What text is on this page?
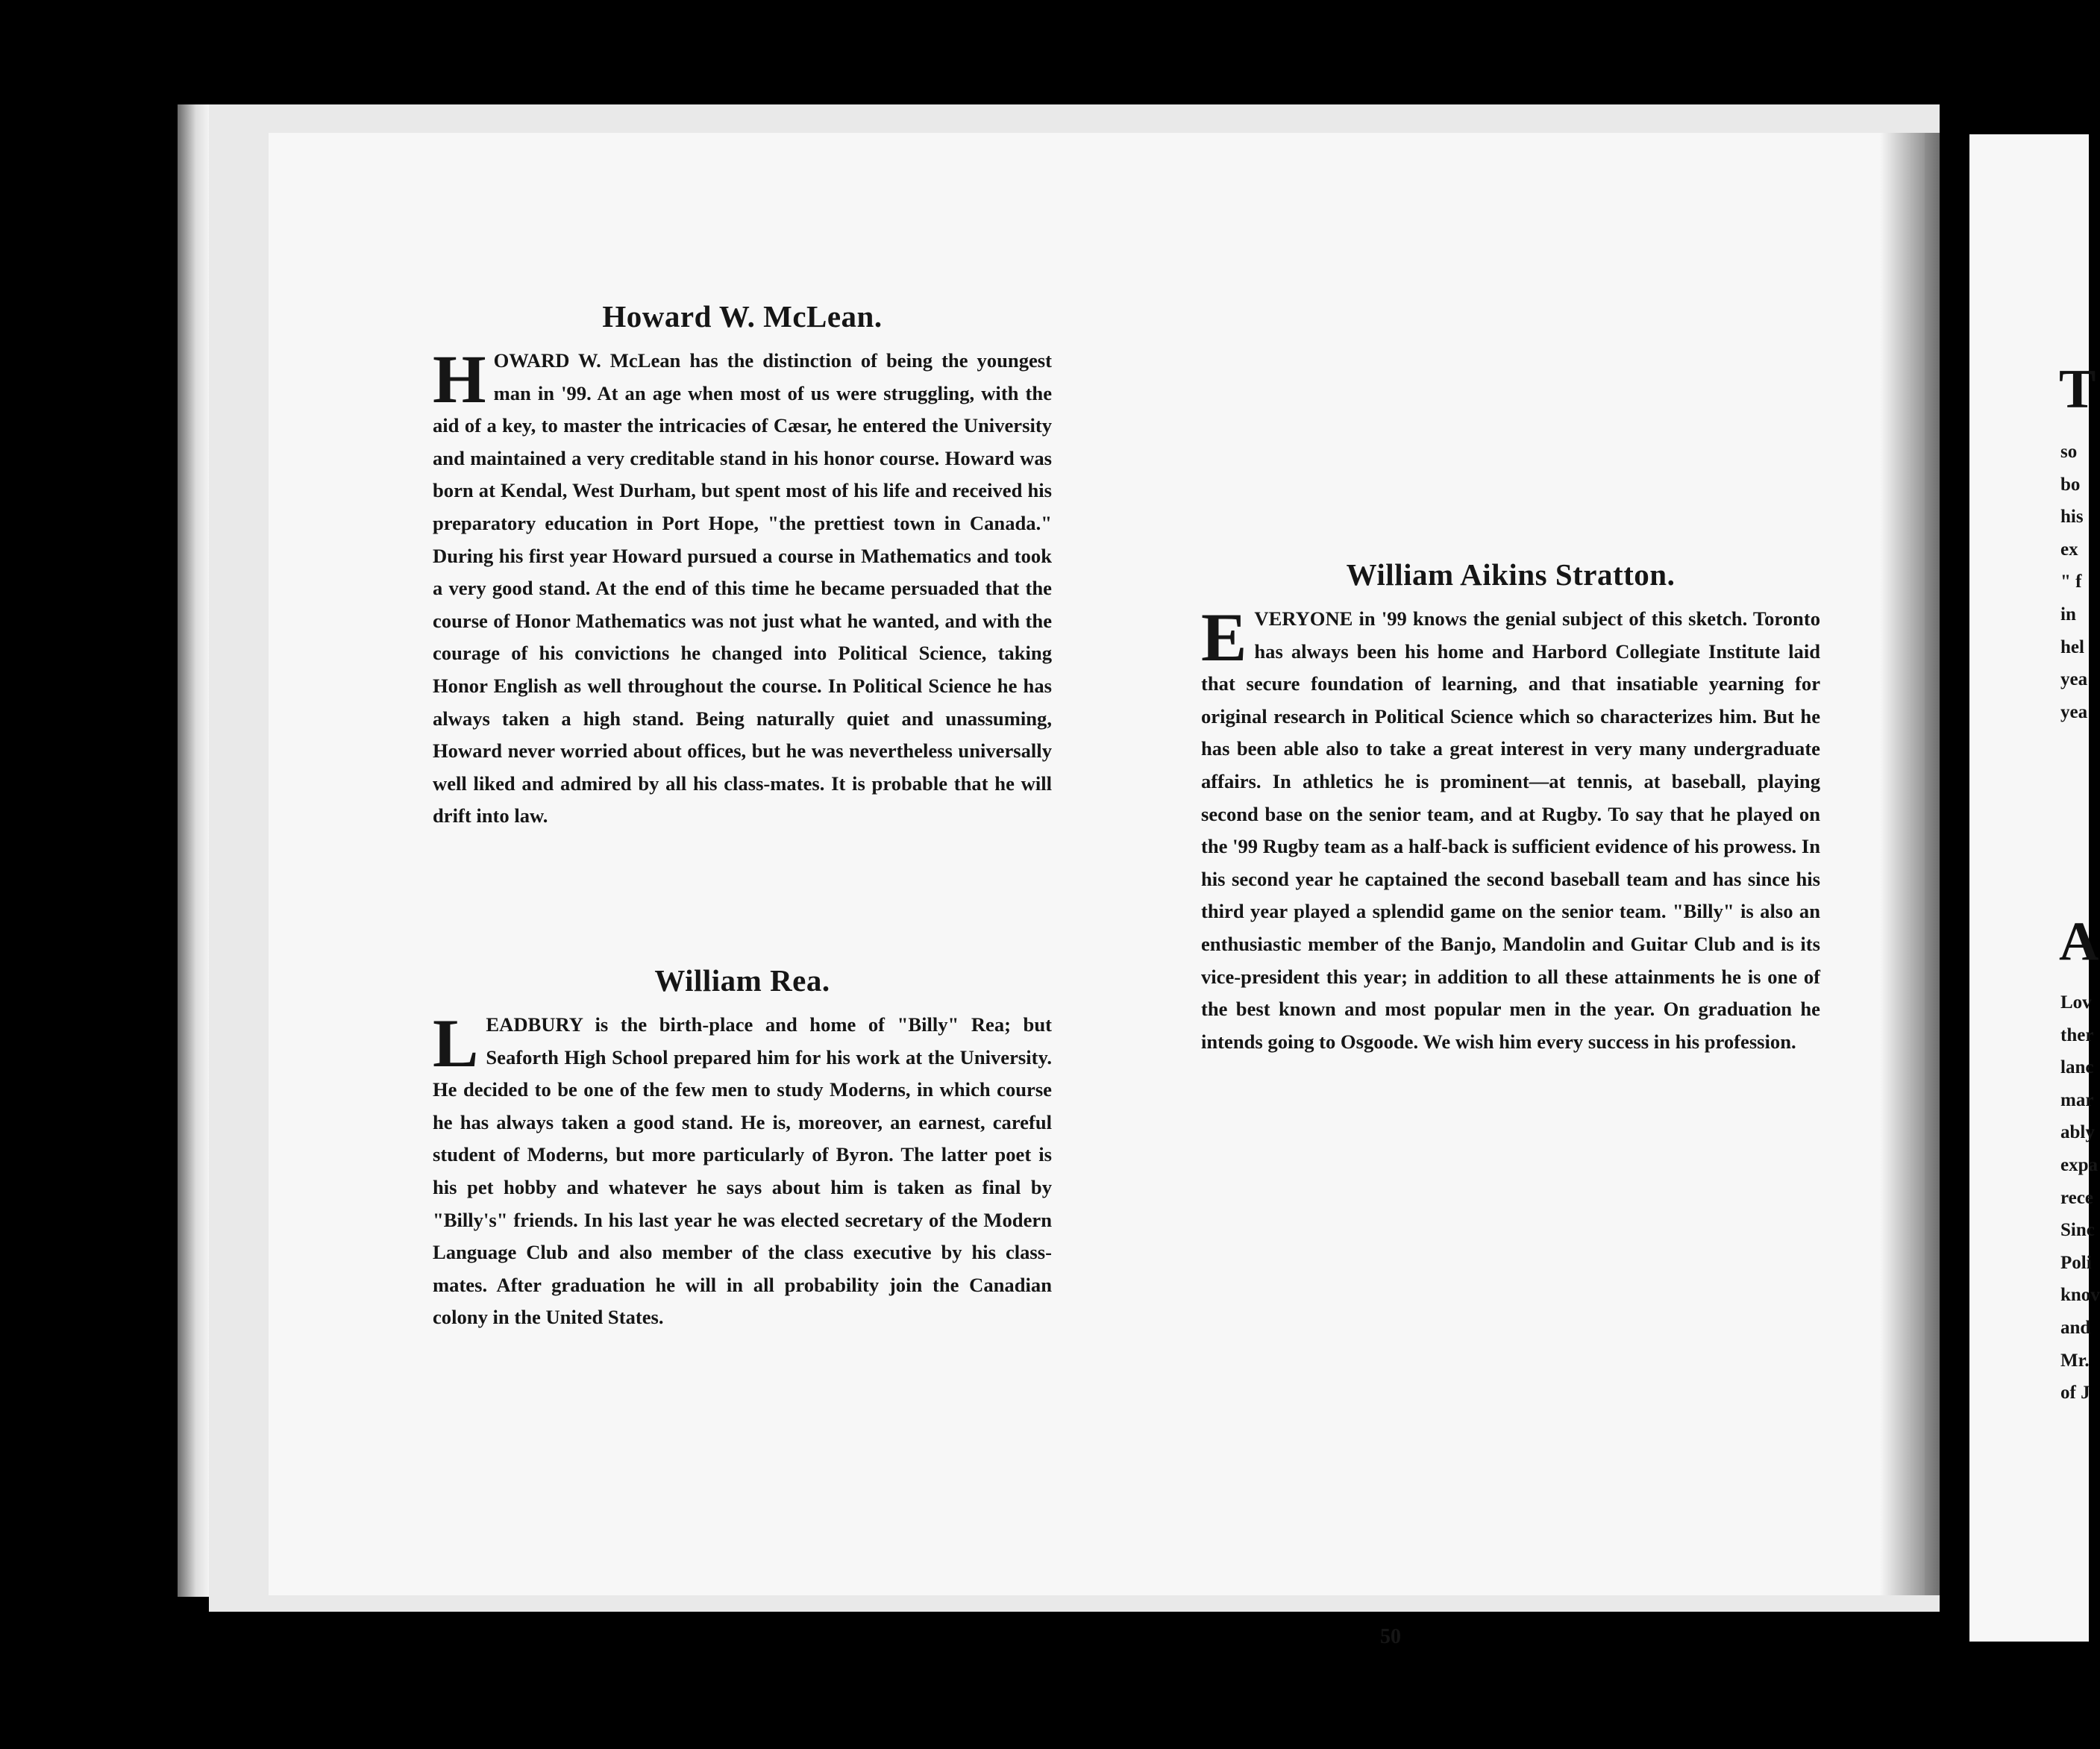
Howard W. McLean.
H OWARD W. McLean has the distinction of being the youngest man in '99. At an age when most of us were struggling, with the aid of a key, to master the intricacies of Cæsar, he entered the University and maintained a very creditable stand in his honor course. Howard was born at Kendal, West Durham, but spent most of his life and received his preparatory education in Port Hope, "the prettiest town in Canada." During his first year Howard pursued a course in Mathematics and took a very good stand. At the end of this time he became persuaded that the course of Honor Mathematics was not just what he wanted, and with the courage of his convictions he changed into Political Science, taking Honor English as well throughout the course. In Political Science he has always taken a high stand. Being naturally quiet and unassuming, Howard never worried about offices, but he was nevertheless universally well liked and admired by all his class-mates. It is probable that he will drift into law.

William Rea.
L EADBURY is the birth-place and home of "Billy" Rea; but Seaforth High School prepared him for his work at the University. He decided to be one of the few men to study Moderns, in which course he has always taken a good stand. He is, moreover, an earnest, careful student of Moderns, but more particularly of Byron. The latter poet is his pet hobby and whatever he says about him is taken as final by "Billy's" friends. In his last year he was elected secretary of the Modern Language Club and also member of the class executive by his class-mates. After graduation he will in all probability join the Canadian colony in the United States.

William Aikins Stratton.
E VERYONE in '99 knows the genial subject of this sketch. Toronto has always been his home and Harbord Collegiate Institute laid that secure foundation of learning, and that insatiable yearning for original research in Political Science which so characterizes him. But he has been able also to take a great interest in very many undergraduate affairs. In athletics he is prominent—at tennis, at baseball, playing second base on the senior team, and at Rugby. To say that he played on the '99 Rugby team as a half-back is sufficient evidence of his prowess. In his second year he captained the second baseball team and has since his third year played a splendid game on the senior team. "Billy" is also an enthusiastic member of the Banjo, Mandolin and Guitar Club and is its vice-president this year; in addition to all these attainments he is one of the best known and most popular men in the year. On graduation he intends going to Osgoode. We wish him every success in his profession.

50
T
so
bo
his
ex
" f
in
hel
yea
yea
A
Lov
ther
lanc
mar
ably
expa
rece
Sinc
Poli
knov
and
Mr.
of J
